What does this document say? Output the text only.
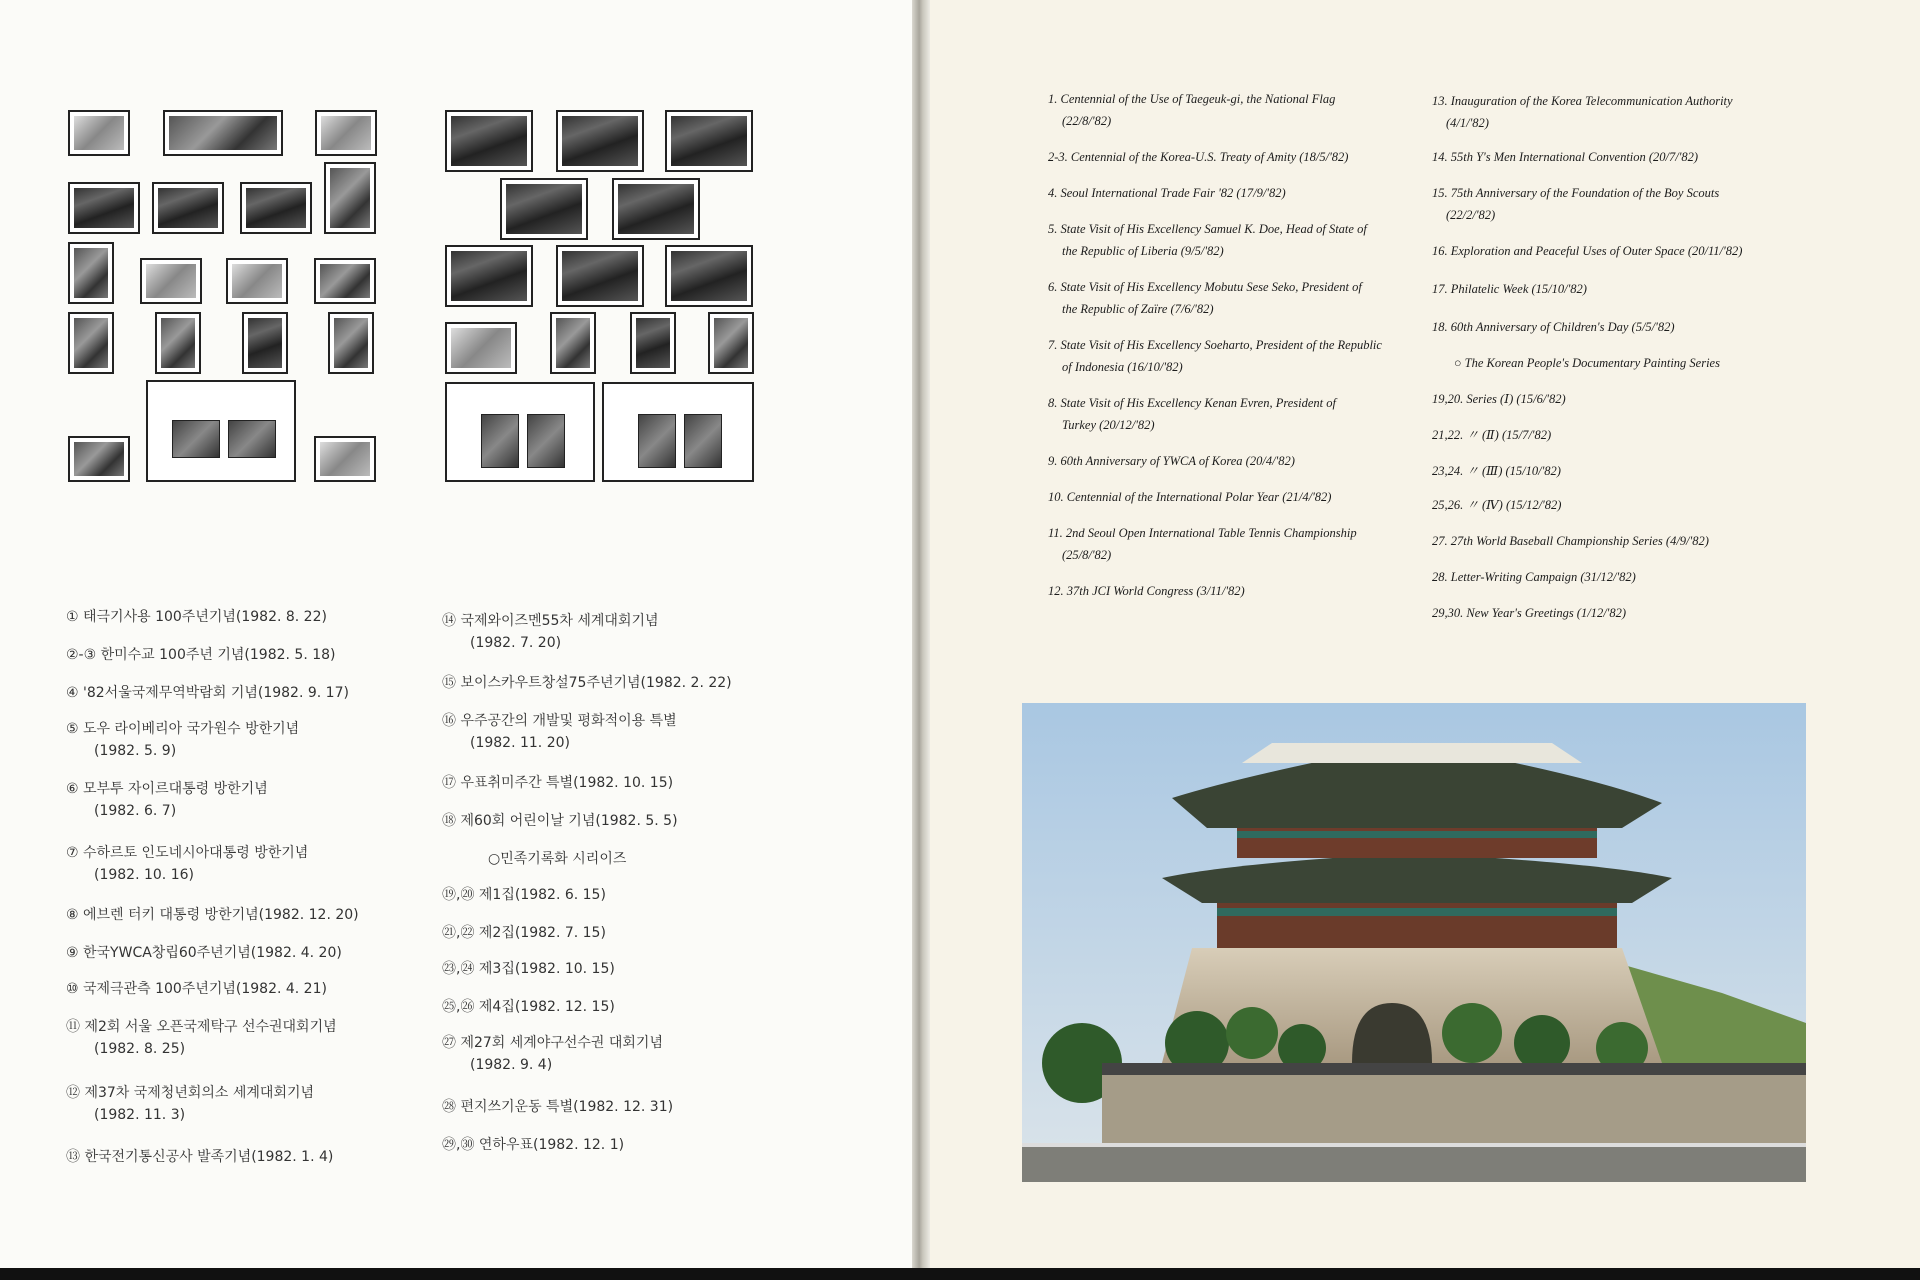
① 태극기사용 100주년기념(1982. 8. 22)
②-③ 한미수교 100주년 기념(1982. 5. 18)
④ '82서울국제무역박람회 기념(1982. 9. 17)
⑤ 도우 라이베리아 국가원수 방한기념
(1982. 5. 9)
⑥ 모부투 자이르대통령 방한기념
(1982. 6. 7)
⑦ 수하르토 인도네시아대통령 방한기념
(1982. 10. 16)
⑧ 에브렌 터키 대통령 방한기념(1982. 12. 20)
⑨ 한국YWCA창립60주년기념(1982. 4. 20)
⑩ 국제극관측 100주년기념(1982. 4. 21)
⑪ 제2회 서울 오픈국제탁구 선수권대회기념
(1982. 8. 25)
⑫ 제37차 국제청년회의소 세계대회기념
(1982. 11. 3)
⑬ 한국전기통신공사 발족기념(1982. 1. 4)
⑭ 국제와이즈멘55차 세계대회기념
(1982. 7. 20)
⑮ 보이스카우트창설75주년기념(1982. 2. 22)
⑯ 우주공간의 개발및 평화적이용 특별
(1982. 11. 20)
⑰ 우표취미주간 특별(1982. 10. 15)
⑱ 제60회 어린이날 기념(1982. 5. 5)
○민족기록화 시리이즈
⑲,⑳ 제1집(1982. 6. 15)
㉑,㉒ 제2집(1982. 7. 15)
㉓,㉔ 제3집(1982. 10. 15)
㉕,㉖ 제4집(1982. 12. 15)
㉗ 제27회 세계야구선수권 대회기념
(1982. 9. 4)
㉘ 편지쓰기운동 특별(1982. 12. 31)
㉙,㉚ 연하우표(1982. 12. 1)
1. Centennial of the Use of Taegeuk-gi, the National Flag
(22/8/'82)
2-3. Centennial of the Korea-U.S. Treaty of Amity (18/5/'82)
4. Seoul International Trade Fair '82 (17/9/'82)
5. State Visit of His Excellency Samuel K. Doe, Head of State of
the Republic of Liberia (9/5/'82)
6. State Visit of His Excellency Mobutu Sese Seko, President of
the Republic of Zaïre (7/6/'82)
7. State Visit of His Excellency Soeharto, President of the Republic
of Indonesia (16/10/'82)
8. State Visit of His Excellency Kenan Evren, President of
Turkey (20/12/'82)
9. 60th Anniversary of YWCA of Korea (20/4/'82)
10. Centennial of the International Polar Year (21/4/'82)
11. 2nd Seoul Open International Table Tennis Championship
(25/8/'82)
12. 37th JCI World Congress (3/11/'82)
13. Inauguration of the Korea Telecommunication Authority
(4/1/'82)
14. 55th Y's Men International Convention (20/7/'82)
15. 75th Anniversary of the Foundation of the Boy Scouts
(22/2/'82)
16. Exploration and Peaceful Uses of Outer Space (20/11/'82)
17. Philatelic Week (15/10/'82)
18. 60th Anniversary of Children's Day (5/5/'82)
○ The Korean People's Documentary Painting Series
19,20. Series (Ⅰ) (15/6/'82)
21,22. 〃 (Ⅱ) (15/7/'82)
23,24. 〃 (Ⅲ) (15/10/'82)
25,26. 〃 (Ⅳ) (15/12/'82)
27. 27th World Baseball Championship Series (4/9/'82)
28. Letter-Writing Campaign (31/12/'82)
29,30. New Year's Greetings (1/12/'82)
